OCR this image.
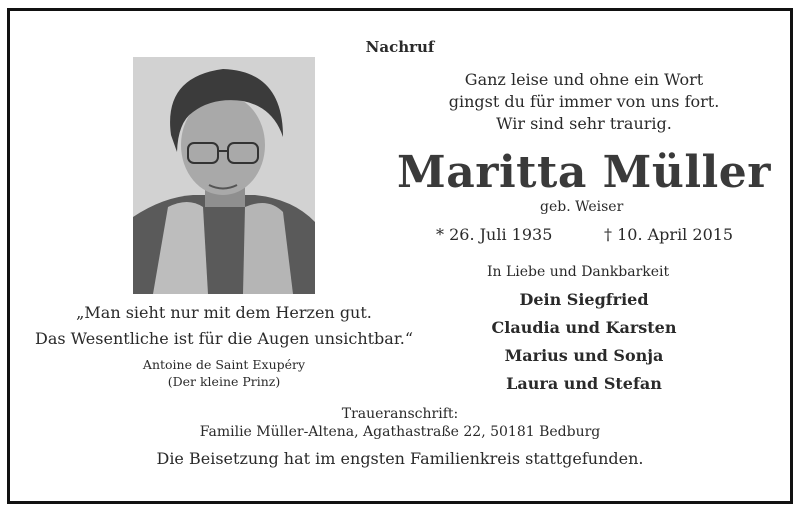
Nachruf
Ganz leise und ohne ein Wort
gingst du für immer von uns fort.
Wir sind sehr traurig.
Maritta Müller
geb. Weiser
* 26. Juli 1935	† 10. April 2015
In Liebe und Dankbarkeit
Dein Siegfried
Claudia und Karsten
Marius und Sonja
Laura und Stefan
„Man sieht nur mit dem Herzen gut.
Das Wesentliche ist für die Augen unsichtbar.“
Antoine de Saint Exupéry
(Der kleine Prinz)
Traueranschrift:
Familie Müller-Altena, Agathastraße 22, 50181 Bedburg
Die Beisetzung hat im engsten Familienkreis stattgefunden.
